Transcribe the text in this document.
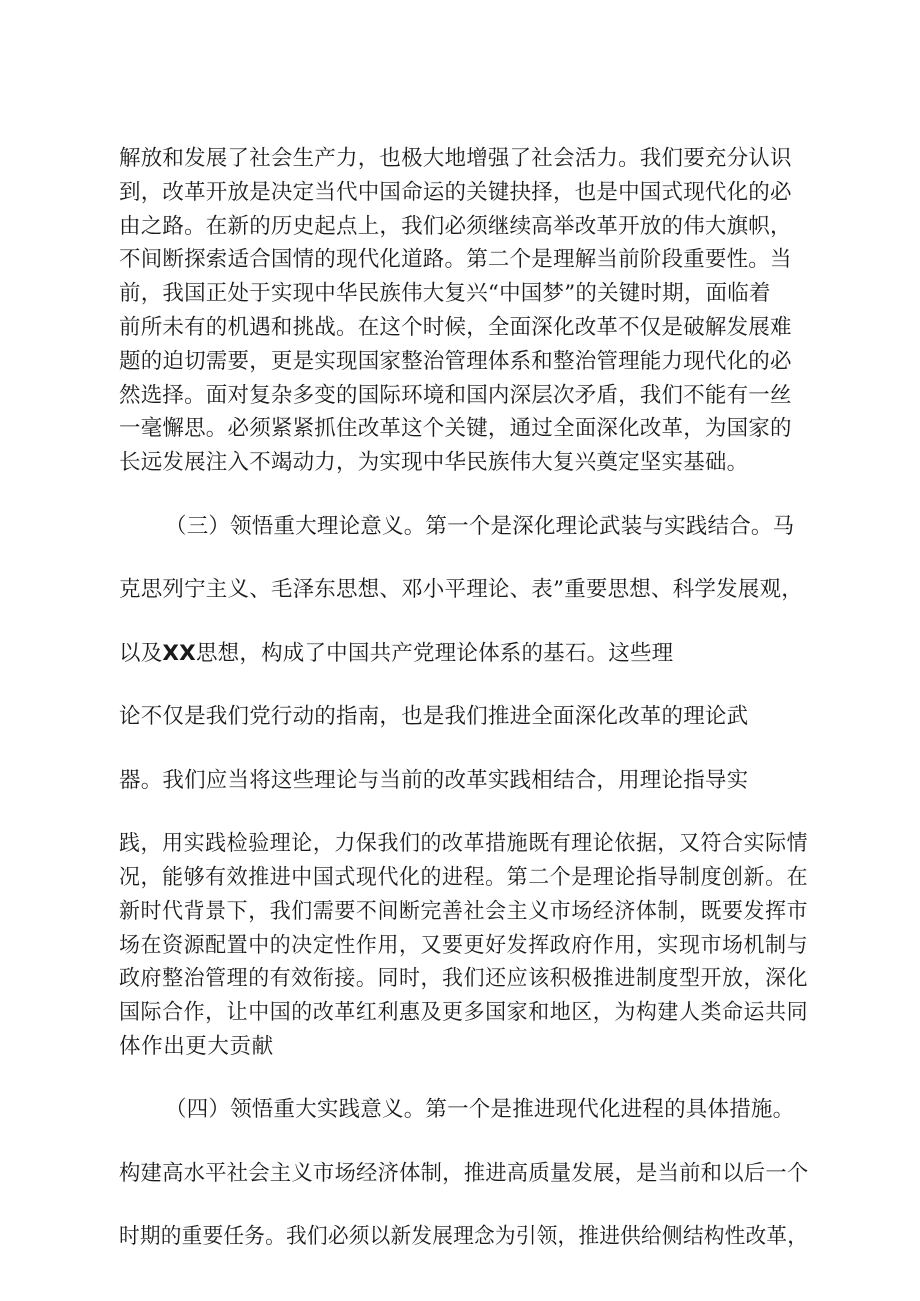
解放和发展了社会生产力，也极大地增强了社会活力。我们要充分认识
到，改革开放是决定当代中国命运的关键抉择，也是中国式现代化的必
由之路。在新的历史起点上，我们必须继续高举改革开放的伟大旗帜，
不间断探索适合国情的现代化道路。第二个是理解当前阶段重要性。当
前，我国正处于实现中华民族伟大复兴“中国梦”的关键时期，面临着
前所未有的机遇和挑战。在这个时候，全面深化改革不仅是破解发展难
题的迫切需要，更是实现国家整治管理体系和整治管理能力现代化的必
然选择。面对复杂多变的国际环境和国内深层次矛盾，我们不能有一丝
一毫懈思。必须紧紧抓住改革这个关键，通过全面深化改革，为国家的
长远发展注入不竭动力，为实现中华民族伟大复兴奠定坚实基础。
（三）领悟重大理论意义。第一个是深化理论武装与实践结合。马
克思列宁主义、毛泽东思想、邓小平理论、表”重要思想、科学发展观，
以及XX思想，构成了中国共产党理论体系的基石。这些理
论不仅是我们党行动的指南，也是我们推进全面深化改革的理论武
器。我们应当将这些理论与当前的改革实践相结合，用理论指导实
践，用实践检验理论，力保我们的改革措施既有理论依据，又符合实际情
况，能够有效推进中国式现代化的进程。第二个是理论指导制度创新。在
新时代背景下，我们需要不间断完善社会主义市场经济体制，既要发挥市
场在资源配置中的决定性作用，又要更好发挥政府作用，实现市场机制与
政府整治管理的有效衔接。同时，我们还应该积极推进制度型开放，深化
国际合作，让中国的改革红利惠及更多国家和地区，为构建人类命运共同
体作出更大贡献
（四）领悟重大实践意义。第一个是推进现代化进程的具体措施。
构建高水平社会主义市场经济体制，推进高质量发展，是当前和以后一个
时期的重要任务。我们必须以新发展理念为引领，推进供给侧结构性改革，
